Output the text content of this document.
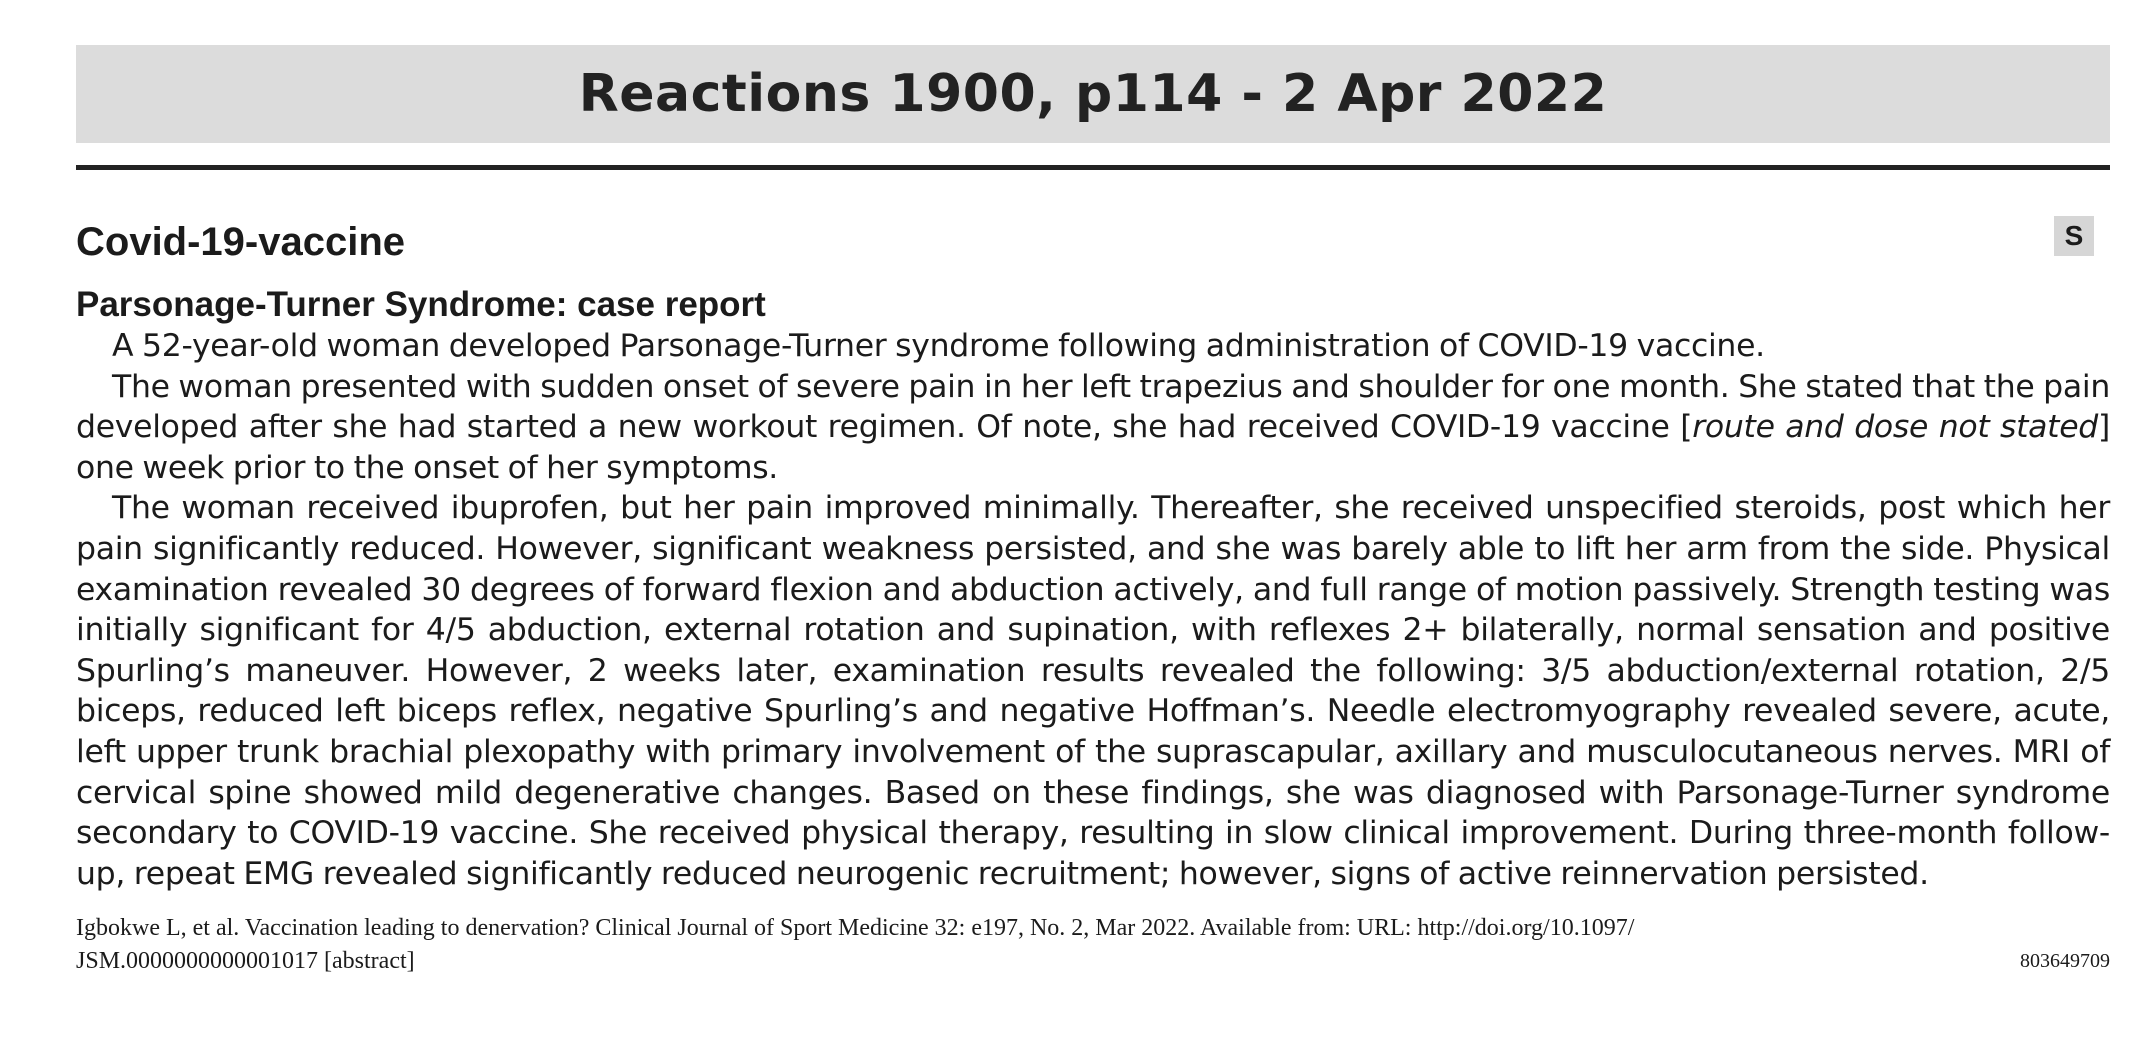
Reactions 1900, p114 - 2 Apr 2022
Covid-19-vaccine	S
Parsonage-Turner Syndrome: case report

A 52-year-old woman developed Parsonage-Turner syndrome following administration of COVID-19 vaccine.

The woman presented with sudden onset of severe pain in her left trapezius and shoulder for one month. She stated that the pain developed after she had started a new workout regimen. Of note, she had received COVID-19 vaccine [route and dose not stated] one week prior to the onset of her symptoms.

The woman received ibuprofen, but her pain improved minimally. Thereafter, she received unspecified steroids, post which her pain significantly reduced. However, significant weakness persisted, and she was barely able to lift her arm from the side. Physical examination revealed 30 degrees of forward flexion and abduction actively, and full range of motion passively. Strength testing was initially significant for 4/5 abduction, external rotation and supination, with reflexes 2+ bilaterally, normal sensation and positive Spurling’s maneuver. However, 2 weeks later, examination results revealed the following: 3/5 abduction/external rotation, 2/5 biceps, reduced left biceps reflex, negative Spurling’s and negative Hoffman’s. Needle electromyography revealed severe, acute, left upper trunk brachial plexopathy with primary involvement of the suprascapular, axillary and musculocutaneous nerves. MRI of cervical spine showed mild degenerative changes. Based on these findings, she was diagnosed with Parsonage-Turner syndrome secondary to COVID-19 vaccine. She received physical therapy, resulting in slow clinical improvement. During three-month follow-up, repeat EMG revealed significantly reduced neurogenic recruitment; however, signs of active reinnervation persisted.

Igbokwe L, et al. Vaccination leading to denervation? Clinical Journal of Sport Medicine 32: e197, No. 2, Mar 2022. Available from: URL: http://doi.org/10.1097/
JSM.0000000000001017 [abstract]	803649709
